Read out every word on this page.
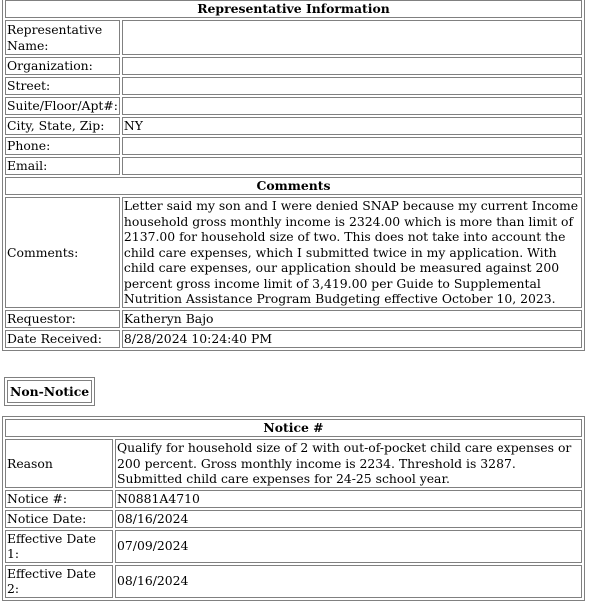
Representative Information	
Representative Name:	
Organization:	
Street:	
Suite/Floor/Apt#:	
City, State, Zip:	NY
Phone:	
Email:	
Comments	
Comments:	Letter said my son and I were denied SNAP because my current Income household gross monthly income is 2324.00 which is more than limit of 2137.00 for household size of two. This does not take into account the child care expenses, which I submitted twice in my application. With child care expenses, our application should be measured against 200 percent gross income limit of 3,419.00 per Guide to Supplemental Nutrition Assistance Program Budgeting effective October 10, 2023.
Requestor:	Katheryn Bajo
Date Received:	8/28/2024 10:24:40 PM
Non-Notice
Notice #	
Reason	Qualify for household size of 2 with out-of-pocket child care expenses or 200 percent. Gross monthly income is 2234. Threshold is 3287. Submitted child care expenses for 24-25 school year.
Notice #:	N0881A4710
Notice Date:	08/16/2024
Effective Date 1:	07/09/2024
Effective Date 2:	08/16/2024
